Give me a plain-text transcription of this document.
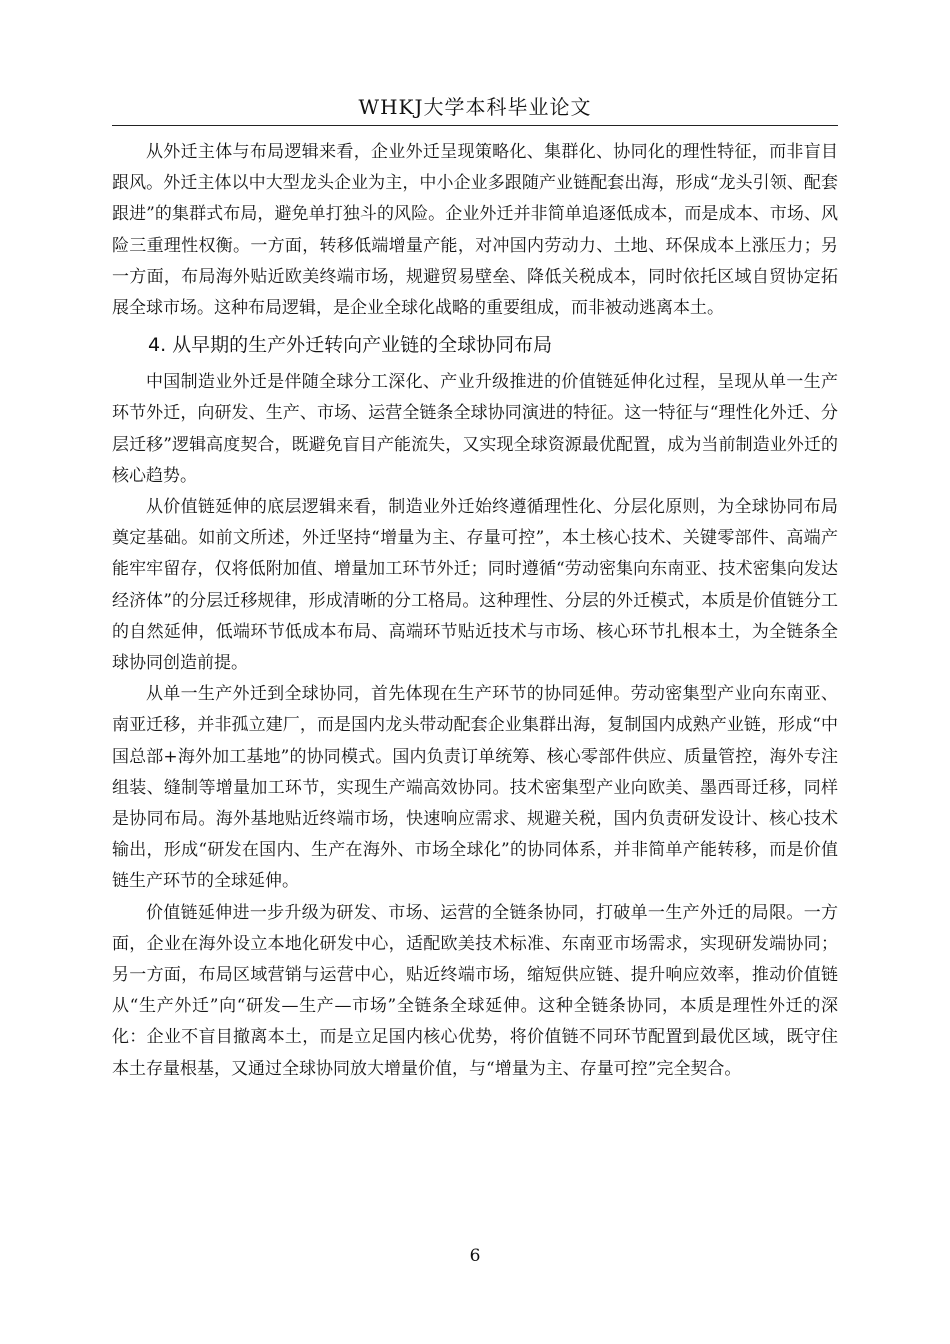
WHKJ大学本科毕业论文

从外迁主体与布局逻辑来看，企业外迁呈现策略化、集群化、协同化的理性特征，而非盲目跟风。外迁主体以中大型龙头企业为主，中小企业多跟随产业链配套出海，形成“龙头引领、配套跟进”的集群式布局，避免单打独斗的风险。企业外迁并非简单追逐低成本，而是成本、市场、风险三重理性权衡。一方面，转移低端增量产能，对冲国内劳动力、土地、环保成本上涨压力；另一方面，布局海外贴近欧美终端市场，规避贸易壁垒、降低关税成本，同时依托区域自贸协定拓展全球市场。这种布局逻辑，是企业全球化战略的重要组成，而非被动逃离本土。

4. 从早期的生产外迁转向产业链的全球协同布局

中国制造业外迁是伴随全球分工深化、产业升级推进的价值链延伸化过程，呈现从单一生产环节外迁，向研发、生产、市场、运营全链条全球协同演进的特征。这一特征与“理性化外迁、分层迁移”逻辑高度契合，既避免盲目产能流失，又实现全球资源最优配置，成为当前制造业外迁的核心趋势。

从价值链延伸的底层逻辑来看，制造业外迁始终遵循理性化、分层化原则，为全球协同布局奠定基础。如前文所述，外迁坚持“增量为主、存量可控”，本土核心技术、关键零部件、高端产能牢牢留存，仅将低附加值、增量加工环节外迁；同时遵循“劳动密集向东南亚、技术密集向发达经济体”的分层迁移规律，形成清晰的分工格局。这种理性、分层的外迁模式，本质是价值链分工的自然延伸，低端环节低成本布局、高端环节贴近技术与市场、核心环节扎根本土，为全链条全球协同创造前提。

从单一生产外迁到全球协同，首先体现在生产环节的协同延伸。劳动密集型产业向东南亚、南亚迁移，并非孤立建厂，而是国内龙头带动配套企业集群出海，复制国内成熟产业链，形成“中国总部+海外加工基地”的协同模式。国内负责订单统筹、核心零部件供应、质量管控，海外专注组装、缝制等增量加工环节，实现生产端高效协同。技术密集型产业向欧美、墨西哥迁移，同样是协同布局。海外基地贴近终端市场，快速响应需求、规避关税，国内负责研发设计、核心技术输出，形成“研发在国内、生产在海外、市场全球化”的协同体系，并非简单产能转移，而是价值链生产环节的全球延伸。

价值链延伸进一步升级为研发、市场、运营的全链条协同，打破单一生产外迁的局限。一方面，企业在海外设立本地化研发中心，适配欧美技术标准、东南亚市场需求，实现研发端协同；另一方面，布局区域营销与运营中心，贴近终端市场，缩短供应链、提升响应效率，推动价值链从“生产外迁”向“研发—生产—市场”全链条全球延伸。这种全链条协同，本质是理性外迁的深化：企业不盲目撤离本土，而是立足国内核心优势，将价值链不同环节配置到最优区域，既守住本土存量根基，又通过全球协同放大增量价值，与“增量为主、存量可控”完全契合。

6
